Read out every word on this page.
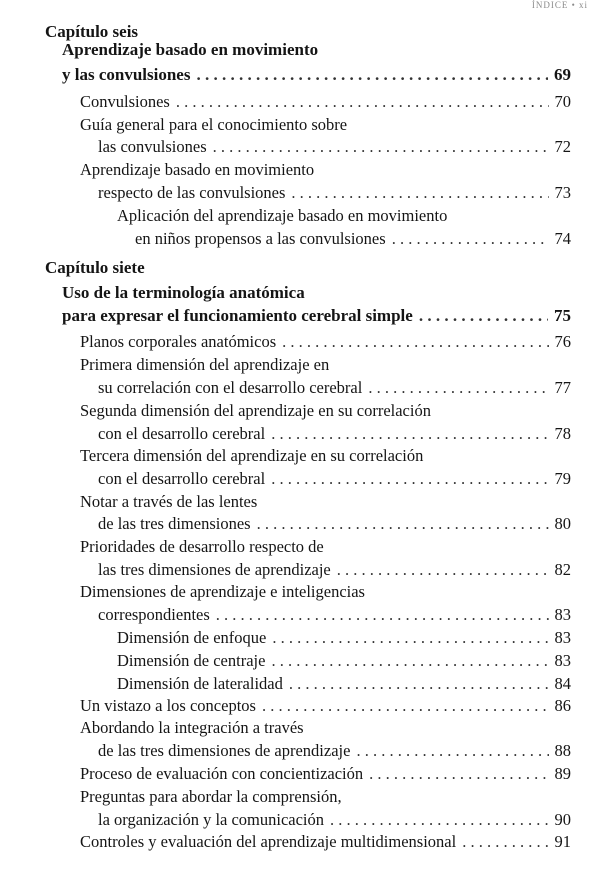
ÍNDICE • xi
Capítulo seis
Aprendizaje basado en movimiento
y las convulsiones . . .	69
Convulsiones . . .	70
Guía general para el conocimiento sobre
las convulsiones . . .	72
Aprendizaje basado en movimiento
respecto de las convulsiones . . .	73
Aplicación del aprendizaje basado en movimiento
en niños propensos a las convulsiones . . .	74
Capítulo siete
Uso de la terminología anatómica
para expresar el funcionamiento cerebral simple . . .	75
Planos corporales anatómicos . . .	76
Primera dimensión del aprendizaje en
su correlación con el desarrollo cerebral . . .	77
Segunda dimensión del aprendizaje en su correlación
con el desarrollo cerebral . . .	78
Tercera dimensión del aprendizaje en su correlación
con el desarrollo cerebral . . .	79
Notar a través de las lentes
de las tres dimensiones . . .	80
Prioridades de desarrollo respecto de
las tres dimensiones de aprendizaje . . .	82
Dimensiones de aprendizaje e inteligencias
correspondientes . . .	83
Dimensión de enfoque . . .	83
Dimensión de centraje . . .	83
Dimensión de lateralidad . . .	84
Un vistazo a los conceptos . . .	86
Abordando la integración a través
de las tres dimensiones de aprendizaje . . .	88
Proceso de evaluación con concientización . . .	89
Preguntas para abordar la comprensión,
la organización y la comunicación . . .	90
Controles y evaluación del aprendizaje multidimensional . . .	91
